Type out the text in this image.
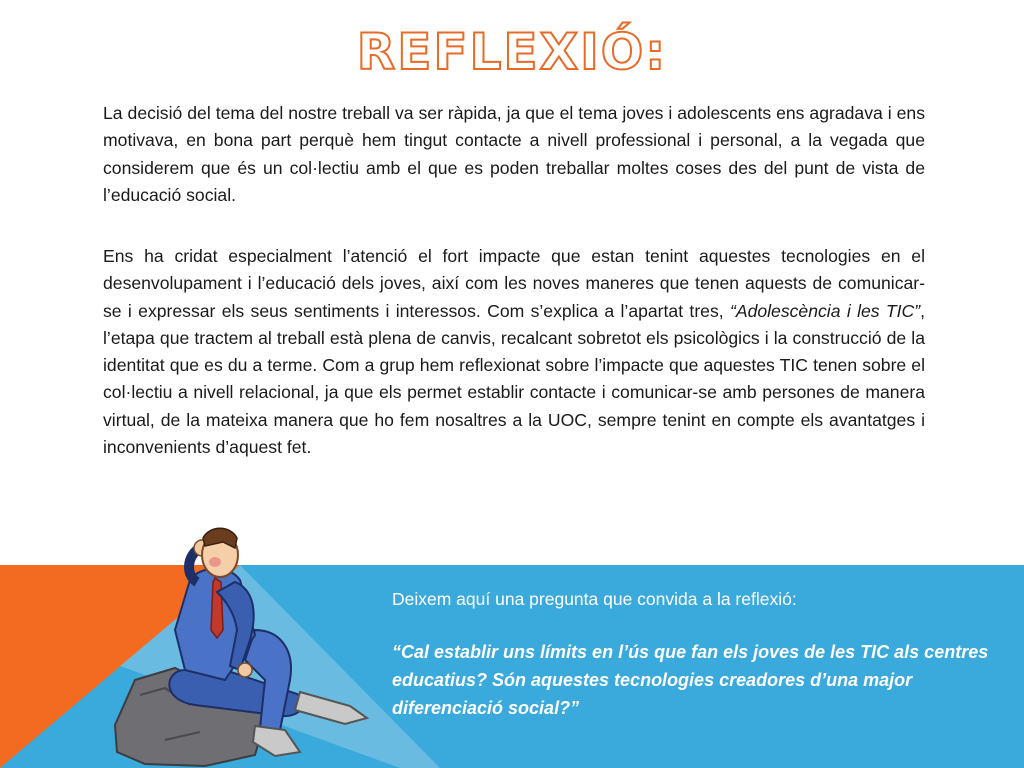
REFLEXIÓ:

La decisió del tema del nostre treball va ser ràpida, ja que el tema joves i adolescents ens agradava i ens motivava, en bona part perquè hem tingut contacte a nivell professional i personal, a la vegada que considerem que és un col·lectiu amb el que es poden treballar moltes coses des del punt de vista de l’educació social.

Ens ha cridat especialment l’atenció el fort impacte que estan tenint aquestes tecnologies en el desenvolupament i l’educació dels joves, així com les noves maneres que tenen aquests de comunicar-se i expressar els seus sentiments i interessos. Com s’explica a l’apartat tres, “Adolescència i les TIC”, l’etapa que tractem al treball està plena de canvis, recalcant sobretot els psicològics i la construcció de la identitat que es du a terme. Com a grup hem reflexionat sobre l’impacte que aquestes TIC tenen sobre el col·lectiu a nivell relacional, ja que els permet establir contacte i comunicar-se amb persones de manera virtual, de la mateixa manera que ho fem nosaltres a la UOC, sempre tenint en compte els avantatges i inconvenients d’aquest fet.

Deixem aquí una pregunta que convida a la reflexió:

“Cal establir uns límits en l’ús que fan els joves de les TIC als centres educatius? Són aquestes tecnologies creadores d’una major diferenciació social?”
